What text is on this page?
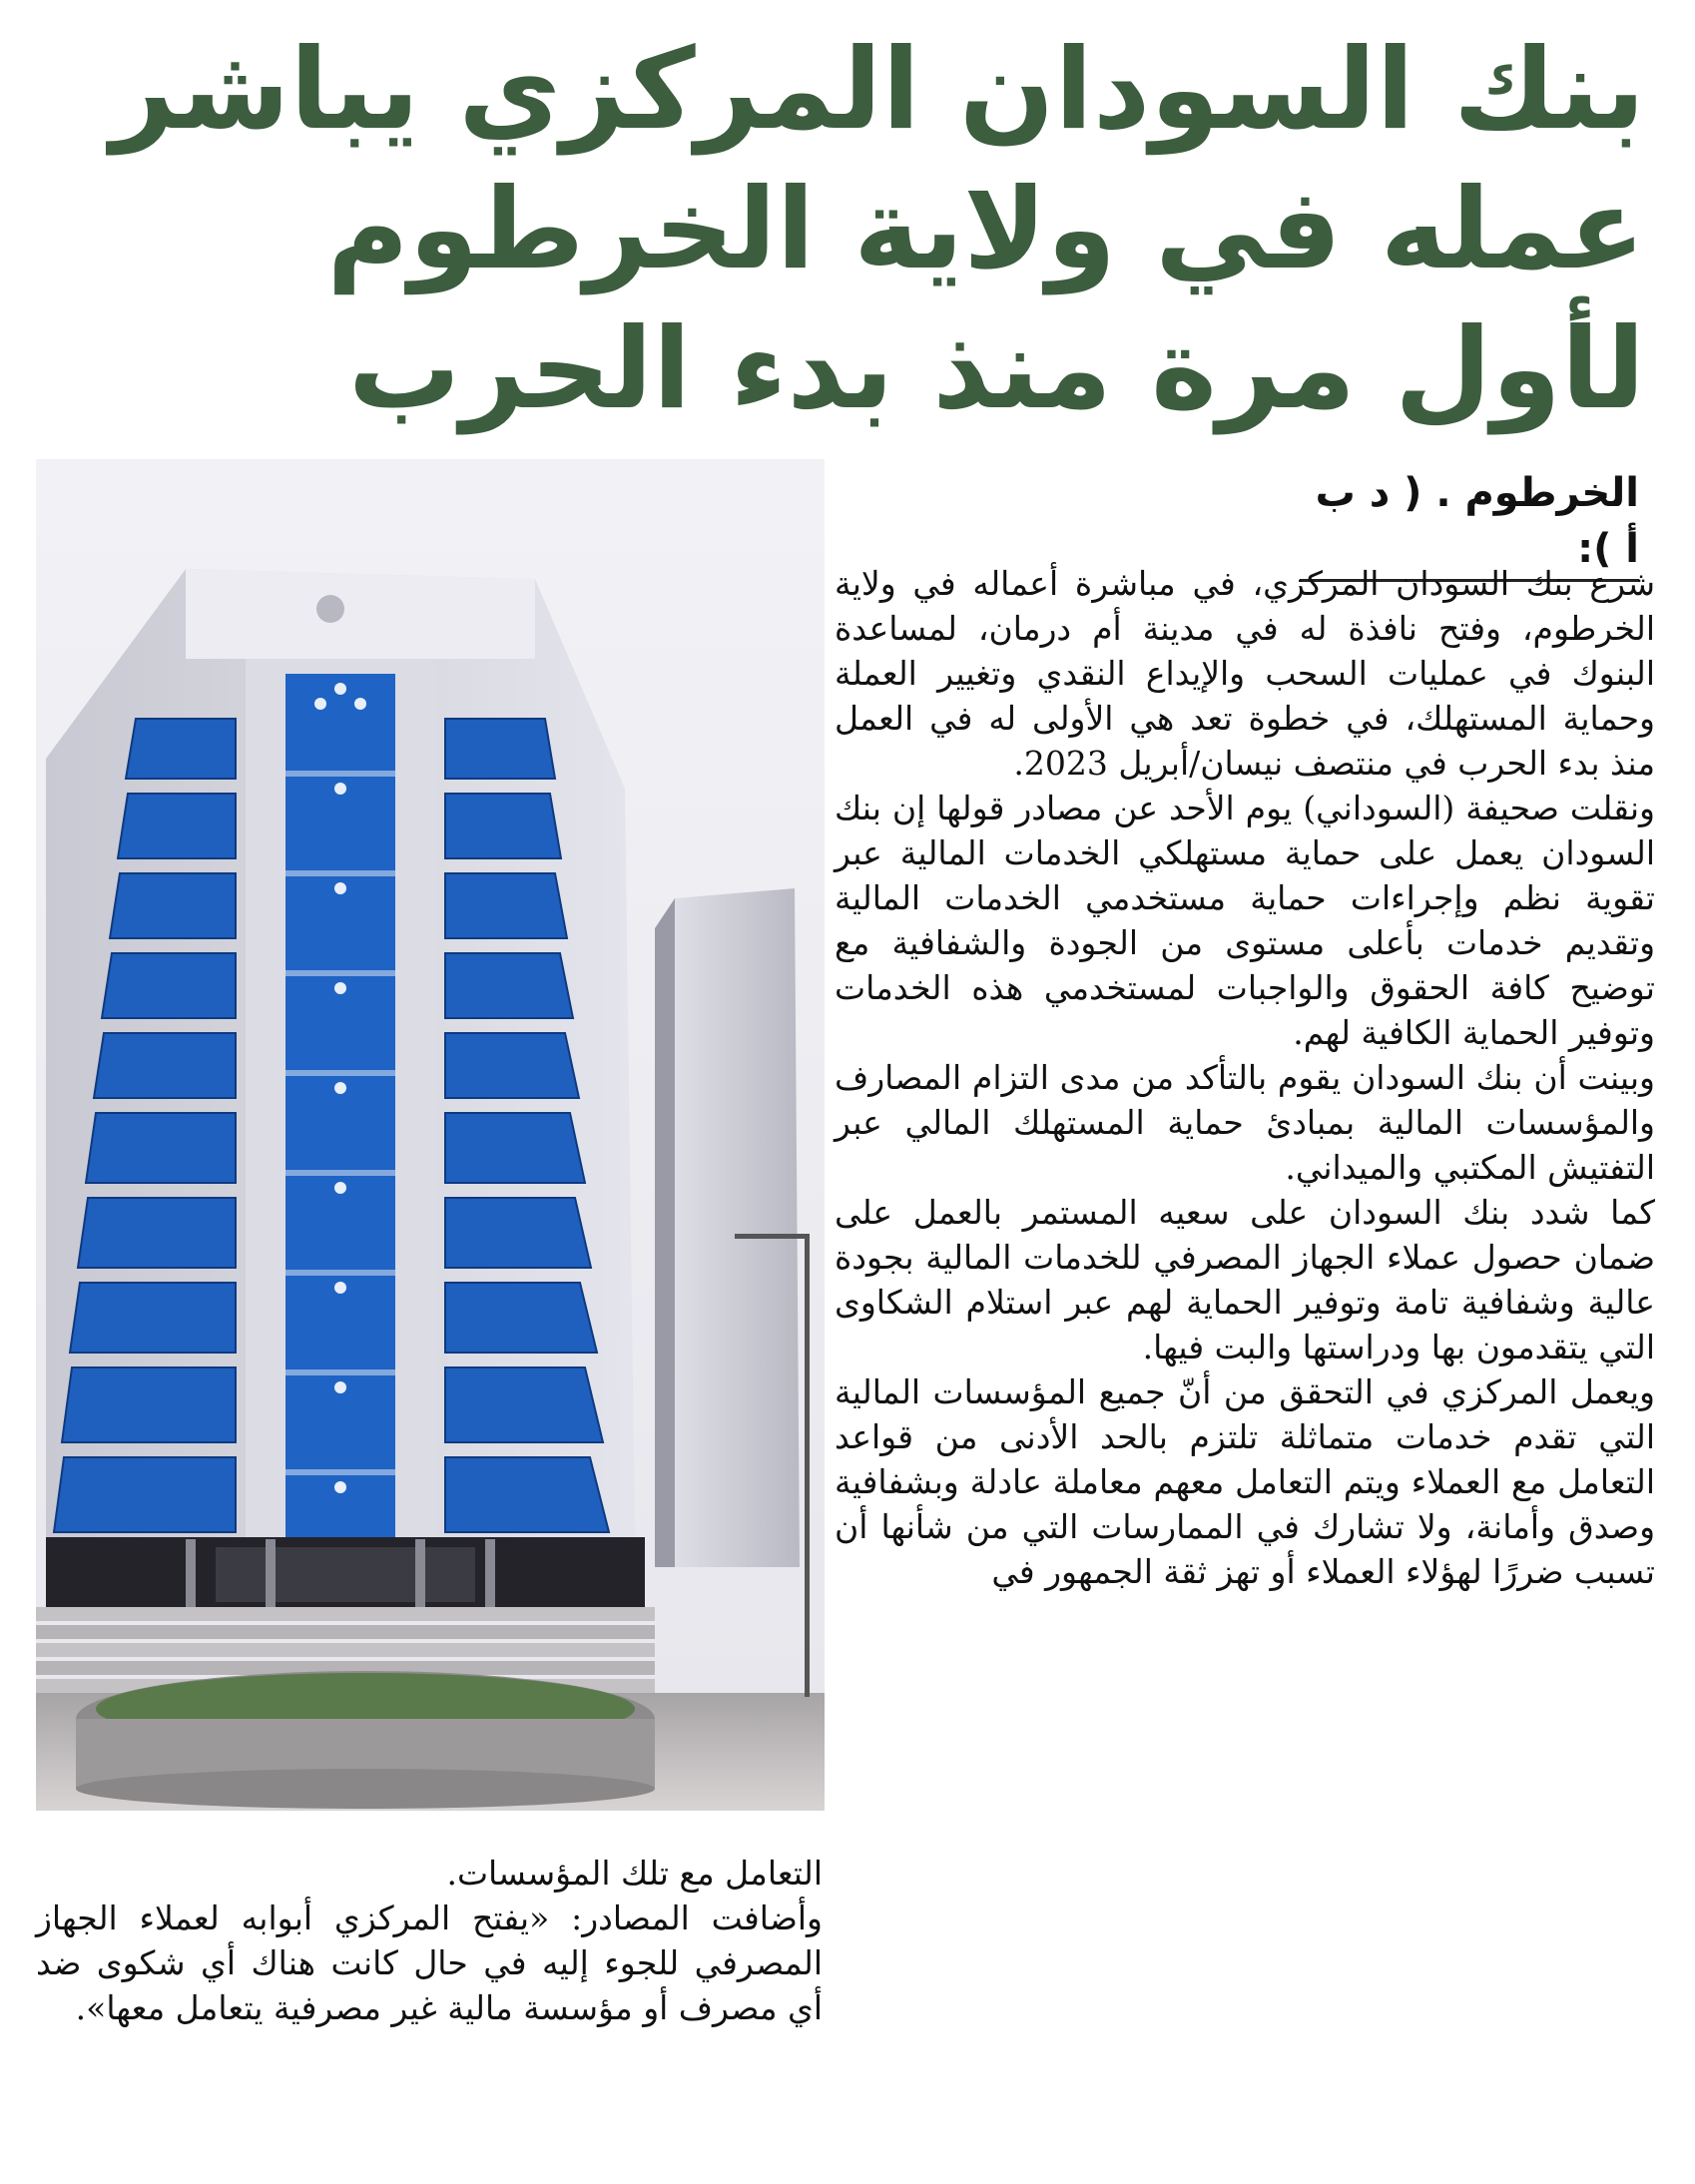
بنك السودان المركزي يباشر عمله في ولاية الخرطوم لأول مرة منذ بدء الحرب
الخرطوم . ( د ب أ ):

شرع بنك السودان المركزي، في مباشرة أعماله في ولاية الخرطوم، وفتح نافذة له في مدينة أم درمان، لمساعدة البنوك في عمليات السحب والإيداع النقدي وتغيير العملة وحماية المستهلك، في خطوة تعد هي الأولى له في العمل منذ بدء الحرب في منتصف نيسان/أبريل 2023.

ونقلت صحيفة (السوداني) يوم الأحد عن مصادر قولها إن بنك السودان يعمل على حماية مستهلكي الخدمات المالية عبر تقوية نظم وإجراءات حماية مستخدمي الخدمات المالية وتقديم خدمات بأعلى مستوى من الجودة والشفافية مع توضيح كافة الحقوق والواجبات لمستخدمي هذه الخدمات وتوفير الحماية الكافية لهم.

وبينت أن بنك السودان يقوم بالتأكد من مدى التزام المصارف والمؤسسات المالية بمبادئ حماية المستهلك المالي عبر التفتيش المكتبي والميداني.

كما شدد بنك السودان على سعيه المستمر بالعمل على ضمان حصول عملاء الجهاز المصرفي للخدمات المالية بجودة عالية وشفافية تامة وتوفير الحماية لهم عبر استلام الشكاوى التي يتقدمون بها ودراستها والبت فيها.

ويعمل المركزي في التحقق من أنّ جميع المؤسسات المالية التي تقدم خدمات متماثلة تلتزم بالحد الأدنى من قواعد التعامل مع العملاء ويتم التعامل معهم معاملة عادلة وبشفافية وصدق وأمانة، ولا تشارك في الممارسات التي من شأنها أن تسبب ضررًا لهؤلاء العملاء أو تهز ثقة الجمهور في

التعامل مع تلك المؤسسات.

وأضافت المصادر: «يفتح المركزي أبوابه لعملاء الجهاز المصرفي للجوء إليه في حال كانت هناك أي شكوى ضد أي مصرف أو مؤسسة مالية غير مصرفية يتعامل معها».
